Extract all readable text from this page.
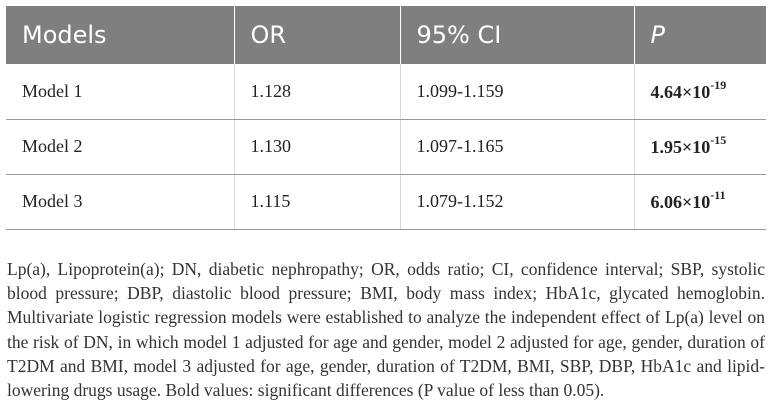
Models	OR	95% CI	P
Model 1	1.128	1.099-1.159	$4.64\times 10^{-19}$
Model 2	1.130	1.097-1.165	$1.95\times 10^{-15}$
Model 3	1.115	1.079-1.152	$6.06\times 10^{-11}$

Lp(a), Lipoprotein(a); DN, diabetic nephropathy; OR, odds ratio; CI, confidence interval; SBP, systolic blood pressure; DBP, diastolic blood pressure; BMI, body mass index; HbA1c, glycated hemoglobin. Multivariate logistic regression models were established to analyze the independent effect of Lp(a) level on the risk of DN, in which model 1 adjusted for age and gender, model 2 adjusted for age, gender, duration of T2DM and BMI, model 3 adjusted for age, gender, duration of T2DM, BMI, SBP, DBP, HbA1c and lipid-lowering drugs usage. Bold values: significant differences (P value of less than 0.05).
